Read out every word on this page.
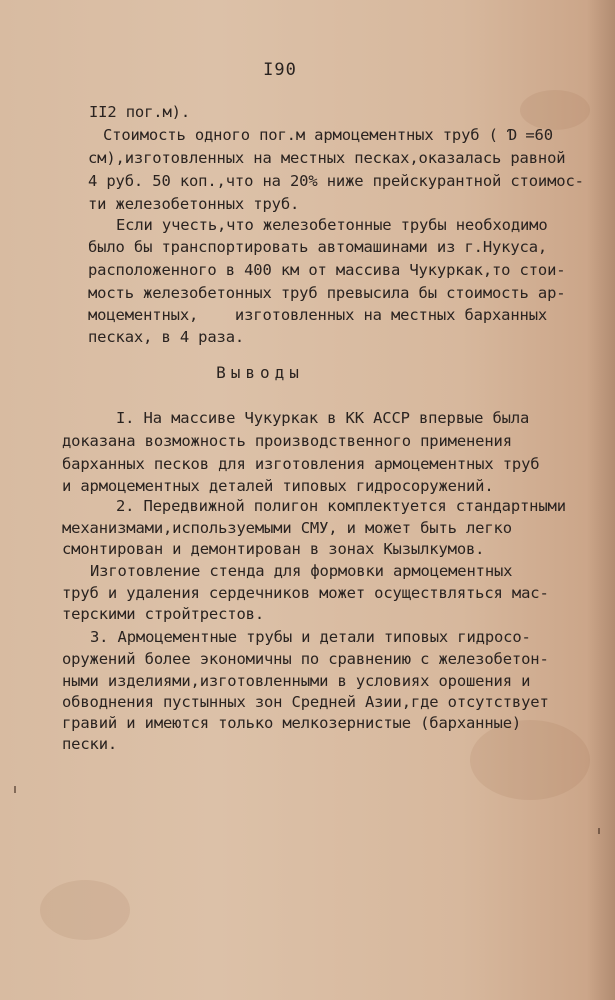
I90

II2 пог.м).

Стоимость одного пог.м армоцементных труб ( Ɗ =60

см),изготовленных на местных песках,оказалась равной

4 руб. 50 коп.,что на 20% ниже прейскурантной стоимос-

ти железобетонных труб.

Если учесть,что железобетонные трубы необходимо

было бы транспортировать автомашинами из г.Нукуса,

расположенного в 400 км от массива Чукуркак,то стои-

мость железобетонных труб превысила бы стоимость ар-

моцементных,    изготовленных на местных барханных

песках, в 4 раза.

Выводы

I. На массиве Чукуркак в КК АССР впервые была

доказана возможность производственного применения

барханных песков для изготовления армоцементных труб

и армоцементных деталей типовых гидросоружений.

2. Передвижной полигон комплектуется стандартными

механизмами,используемыми СМУ, и может быть легко

смонтирован и демонтирован в зонах Кызылкумов.

Изготовление стенда для формовки армоцементных

труб и удаления сердечников может осуществляться мас-

терскими стройтрестов.

3. Армоцементные трубы и детали типовых гидросо-

оружений более экономичны по сравнению с железобетон-

ными изделиями,изготовленными в условиях орошения и

обводнения пустынных зон Средней Азии,где отсутствует

гравий и имеются только мелкозернистые (барханные)

пески.
